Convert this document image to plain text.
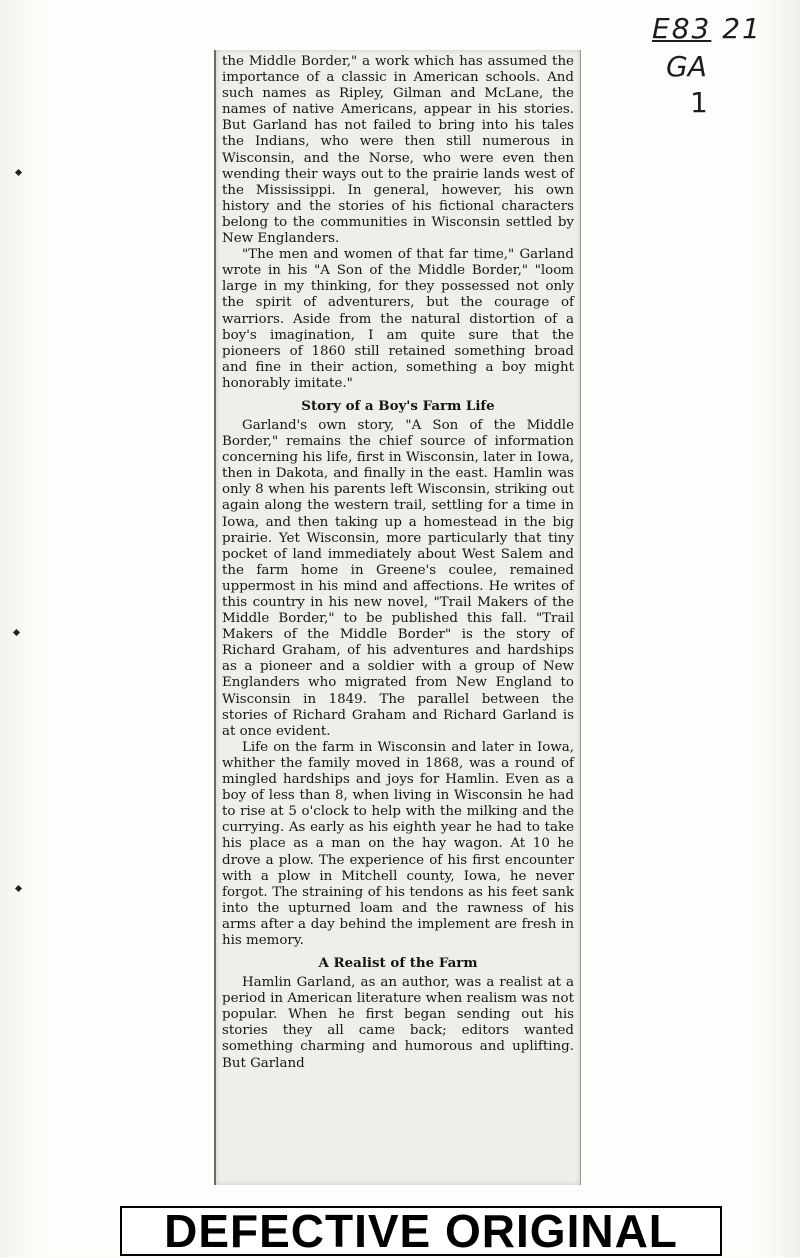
E83 21
GA
1

the Middle Border," a work which has assumed the importance of a classic in American schools. And such names as Ripley, Gilman and McLane, the names of native Americans, appear in his stories. But Garland has not failed to bring into his tales the Indians, who were then still numerous in Wisconsin, and the Norse, who were even then wending their ways out to the prairie lands west of the Mississippi. In general, however, his own history and the stories of his fictional characters belong to the communities in Wisconsin settled by New Englanders.

"The men and women of that far time," Garland wrote in his "A Son of the Middle Border," "loom large in my thinking, for they possessed not only the spirit of adventurers, but the courage of warriors. Aside from the natural distortion of a boy's imagination, I am quite sure that the pioneers of 1860 still retained something broad and fine in their action, something a boy might honorably imitate."

Story of a Boy's Farm Life

Garland's own story, "A Son of the Middle Border," remains the chief source of information concerning his life, first in Wisconsin, later in Iowa, then in Dakota, and finally in the east. Hamlin was only 8 when his parents left Wisconsin, striking out again along the western trail, settling for a time in Iowa, and then taking up a homestead in the big prairie. Yet Wisconsin, more particularly that tiny pocket of land immediately about West Salem and the farm home in Greene's coulee, remained uppermost in his mind and affections. He writes of this country in his new novel, "Trail Makers of the Middle Border," to be published this fall. "Trail Makers of the Middle Border" is the story of Richard Graham, of his adventures and hardships as a pioneer and a soldier with a group of New Englanders who migrated from New England to Wisconsin in 1849. The parallel between the stories of Richard Graham and Richard Garland is at once evident.

Life on the farm in Wisconsin and later in Iowa, whither the family moved in 1868, was a round of mingled hardships and joys for Hamlin. Even as a boy of less than 8, when living in Wisconsin he had to rise at 5 o'clock to help with the milking and the currying. As early as his eighth year he had to take his place as a man on the hay wagon. At 10 he drove a plow. The experience of his first encounter with a plow in Mitchell county, Iowa, he never forgot. The straining of his tendons as his feet sank into the upturned loam and the rawness of his arms after a day behind the implement are fresh in his memory.

A Realist of the Farm

Hamlin Garland, as an author, was a realist at a period in American literature when realism was not popular. When he first began sending out his stories they all came back; editors wanted something charming and humorous and uplifting. But Garland

DEFECTIVE ORIGINAL
